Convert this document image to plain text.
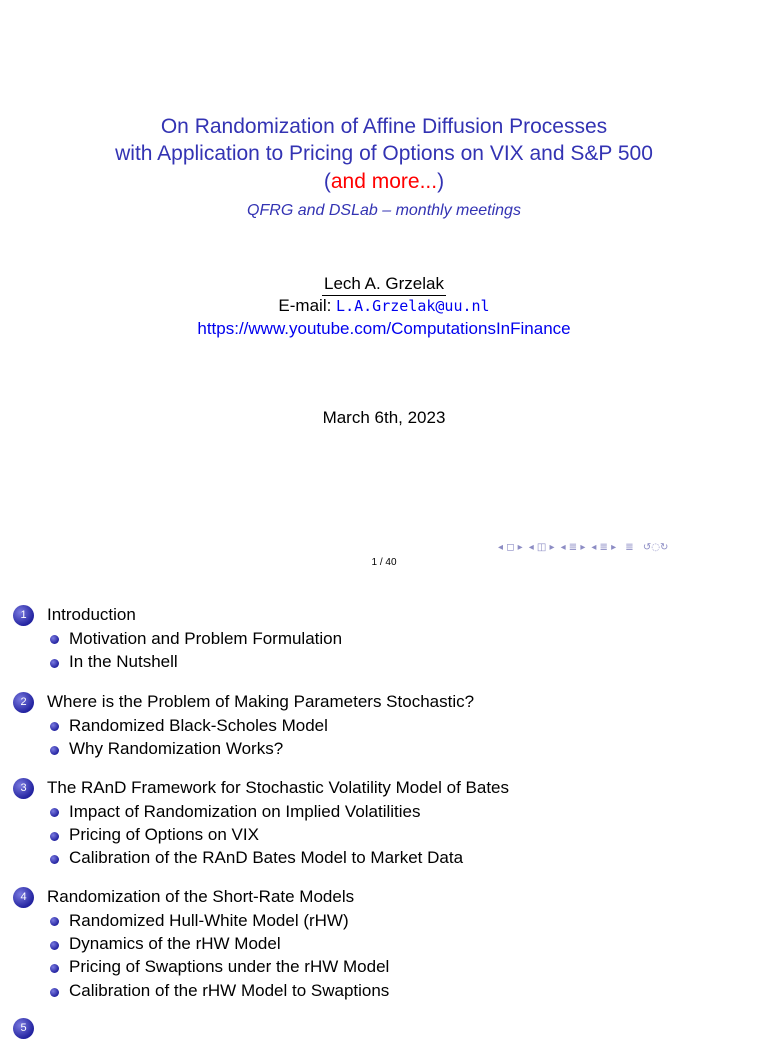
On Randomization of Affine Diffusion Processes
with Application to Pricing of Options on VIX and S&P 500
(and more...)
QFRG and DSLab – monthly meetings
Lech A. Grzelak
E-mail: L.A.Grzelak@uu.nl
https://www.youtube.com/ComputationsInFinance
March 6th, 2023
◂ ◻ ▸ ◂ ◫ ▸ ◂ ≣ ▸ ◂ ≣ ▸ ≣ ↺◌↻
1 / 40
1	Introduction
Motivation and Problem Formulation
In the Nutshell
2	Where is the Problem of Making Parameters Stochastic?
Randomized Black-Scholes Model
Why Randomization Works?
3	The RAnD Framework for Stochastic Volatility Model of Bates
Impact of Randomization on Implied Volatilities
Pricing of Options on VIX
Calibration of the RAnD Bates Model to Market Data
4	Randomization of the Short-Rate Models
Randomized Hull-White Model (rHW)
Dynamics of the rHW Model
Pricing of Swaptions under the rHW Model
Calibration of the rHW Model to Swaptions
5
